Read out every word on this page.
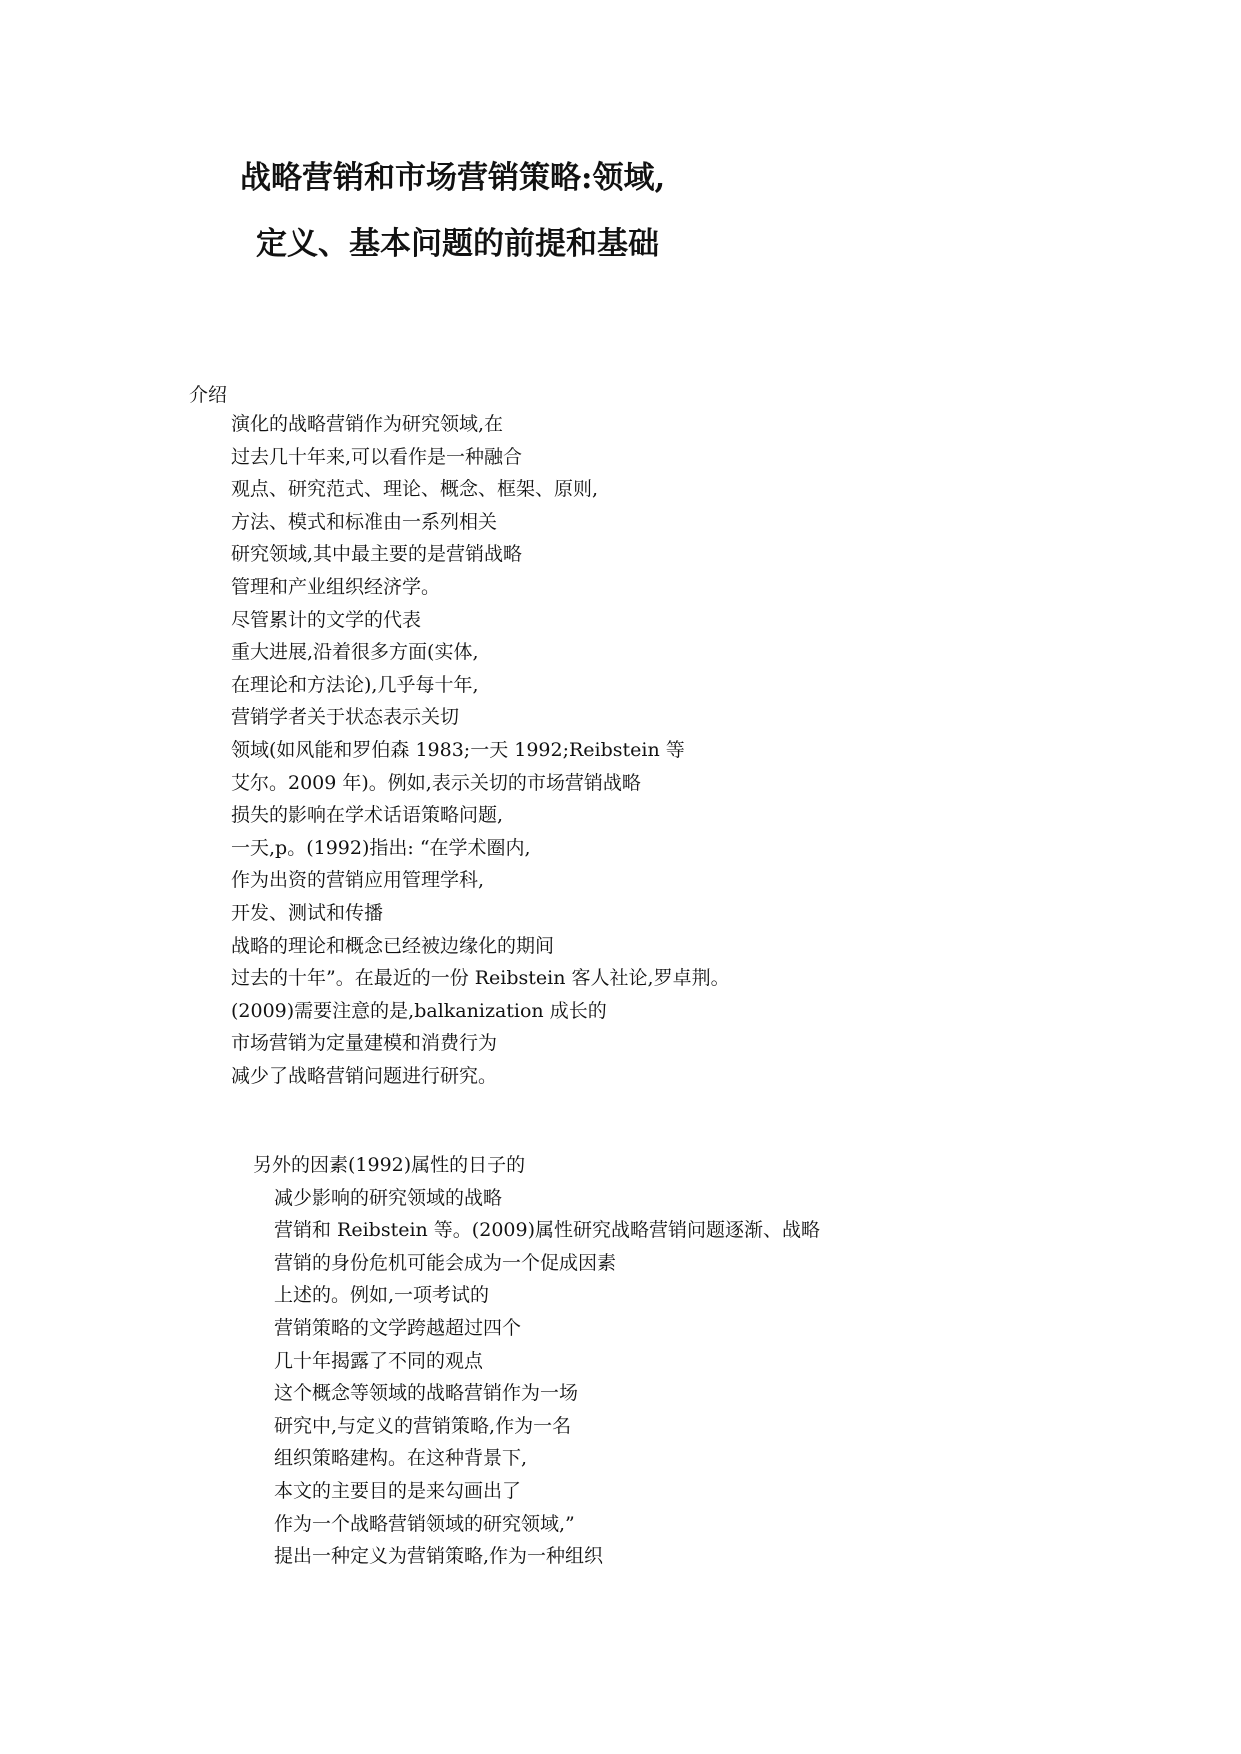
战略营销和市场营销策略:领域,

定义、基本问题的前提和基础

介绍
演化的战略营销作为研究领域,在
过去几十年来,可以看作是一种融合
观点、研究范式、理论、概念、框架、原则,
方法、模式和标准由一系列相关
研究领域,其中最主要的是营销战略
管理和产业组织经济学。
尽管累计的文学的代表
重大进展,沿着很多方面(实体,
在理论和方法论),几乎每十年,
营销学者关于状态表示关切
领域(如风能和罗伯森 1983;一天 1992;Reibstein 等
艾尔。2009 年)。例如,表示关切的市场营销战略
损失的影响在学术话语策略问题,
一天,p。(1992)指出: “在学术圈内,
作为出资的营销应用管理学科,
开发、测试和传播
战略的理论和概念已经被边缘化的期间
过去的十年”。在最近的一份 Reibstein 客人社论,罗卓荆。
(2009)需要注意的是,balkanization 成长的
市场营销为定量建模和消费行为
减少了战略营销问题进行研究。
另外的因素(1992)属性的日子的
减少影响的研究领域的战略
营销和 Reibstein 等。(2009)属性研究战略营销问题逐渐、战略
营销的身份危机可能会成为一个促成因素
上述的。例如,一项考试的
营销策略的文学跨越超过四个
几十年揭露了不同的观点
这个概念等领域的战略营销作为一场
研究中,与定义的营销策略,作为一名
组织策略建构。在这种背景下,
本文的主要目的是来勾画出了
作为一个战略营销领域的研究领域,”
提出一种定义为营销策略,作为一种组织
